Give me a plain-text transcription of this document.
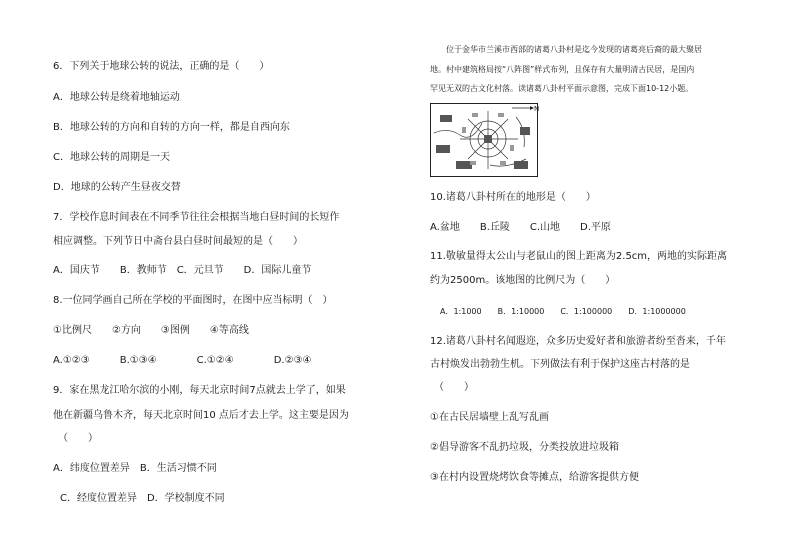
6．下列关于地球公转的说法，正确的是（　　）
A．地球公转是绕着地轴运动
B．地球公转的方向和自转的方向一样，都是自西向东
C．地球公转的周期是一天
D．地球的公转产生昼夜交替
7．学校作息时间表在不同季节往往会根据当地白昼时间的长短作
相应调整。下列节日中斋台县白昼时间最短的是（　　）
A．国庆节　　B．教师节　C．元旦节　　D．国际儿童节
8.一位同学画自己所在学校的平面图时，在图中应当标明（　）
①比例尺　　②方向　　③图例　　④等高线
A.①②③　　　B.①③④　　　　C.①②④　　　　D.②③④
9．家在黑龙江哈尔滨的小刚，每天北京时间7点就去上学了，如果
他在新疆乌鲁木齐，每天北京时间10 点后才去上学。这主要是因为
（　　）
A．纬度位置差异　B．生活习惯不同
C．经度位置差异　D．学校制度不同
位于金华市兰溪市西部的诸葛八卦村是迄今发现的诸葛亮后裔的最大聚居
地。村中建筑格局按“八阵图”样式布列，且保存有大量明清古民居，是国内
罕见无双的古文化村落。读诸葛八卦村平面示意图，完成下面10-12小题。
N
10.诸葛八卦村所在的地形是（　　）
A.盆地　　B.丘陵　　C.山地　　D.平原
11.敬敏量得太公山与老鼠山的图上距离为2.5cm，两地的实际距离
约为2500m。该地图的比例尺为（　　）
A．1:1000　　B．1:10000　　C．1:100000　　D．1:1000000
12.诸葛八卦村名闻遐迩，众多历史爱好者和旅游者纷至沓来，千年
古村焕发出勃勃生机。下列做法有利于保护这座古村落的是
（　　）
①在古民居墙壁上乱写乱画
②倡导游客不乱扔垃圾，分类投放进垃圾箱
③在村内设置烧烤饮食等摊点，给游客提供方便
